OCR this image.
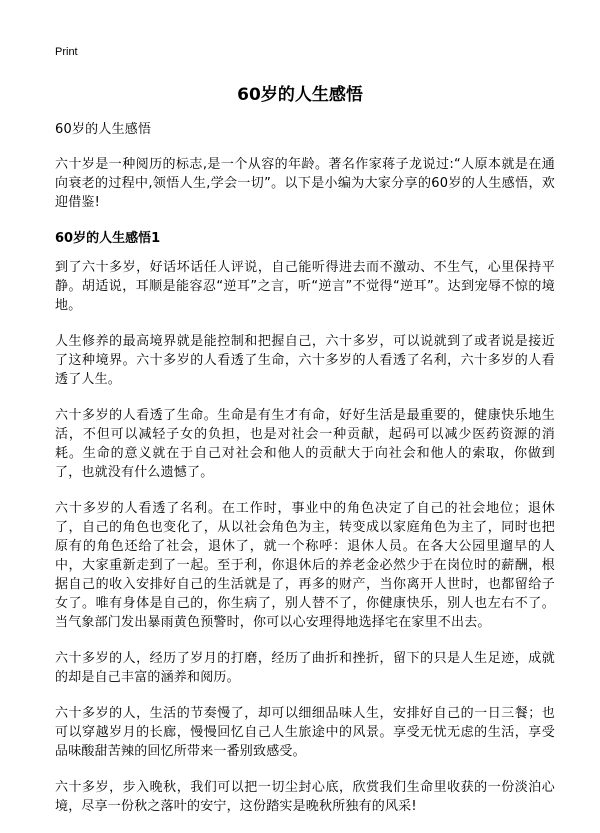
Print
60岁的人生感悟

60岁的人生感悟

六十岁是一种阅历的标志,是一个从容的年龄。著名作家蒋子龙说过:“人原本就是在通向衰老的过程中,领悟人生,学会一切”。以下是小编为大家分享的60岁的人生感悟，欢迎借鉴!

60岁的人生感悟1

到了六十多岁，好话坏话任人评说，自己能听得进去而不激动、不生气，心里保持平静。胡适说，耳顺是能容忍“逆耳”之言，听“逆言”不觉得“逆耳”。达到宠辱不惊的境地。

人生修养的最高境界就是能控制和把握自己，六十多岁，可以说就到了或者说是接近了这种境界。六十多岁的人看透了生命，六十多岁的人看透了名利，六十多岁的人看透了人生。

六十多岁的人看透了生命。生命是有生才有命，好好生活是最重要的，健康快乐地生活，不但可以减轻子女的负担，也是对社会一种贡献，起码可以减少医药资源的消耗。生命的意义就在于自己对社会和他人的贡献大于向社会和他人的索取，你做到了，也就没有什么遗憾了。

六十多岁的人看透了名利。在工作时，事业中的角色决定了自己的社会地位；退休了，自己的角色也变化了，从以社会角色为主，转变成以家庭角色为主了，同时也把原有的角色还给了社会，退休了，就一个称呼：退休人员。在各大公园里遛早的人中，大家重新走到了一起。至于利，你退休后的养老金必然少于在岗位时的薪酬，根据自己的收入安排好自己的生活就是了，再多的财产，当你离开人世时，也都留给子女了。唯有身体是自己的，你生病了，别人替不了，你健康快乐，别人也左右不了。当气象部门发出暴雨黄色预警时，你可以心安理得地选择宅在家里不出去。

六十多岁的人，经历了岁月的打磨，经历了曲折和挫折，留下的只是人生足迹，成就的却是自己丰富的涵养和阅历。

六十多岁的人，生活的节奏慢了，却可以细细品味人生，安排好自己的一日三餐；也可以穿越岁月的长廊，慢慢回忆自己人生旅途中的风景。享受无忧无虑的生活，享受品味酸甜苦辣的回忆所带来一番别致感受。

六十多岁，步入晚秋，我们可以把一切尘封心底，欣赏我们生命里收获的一份淡泊心境，尽享一份秋之落叶的安宁，这份踏实是晚秋所独有的风采!
